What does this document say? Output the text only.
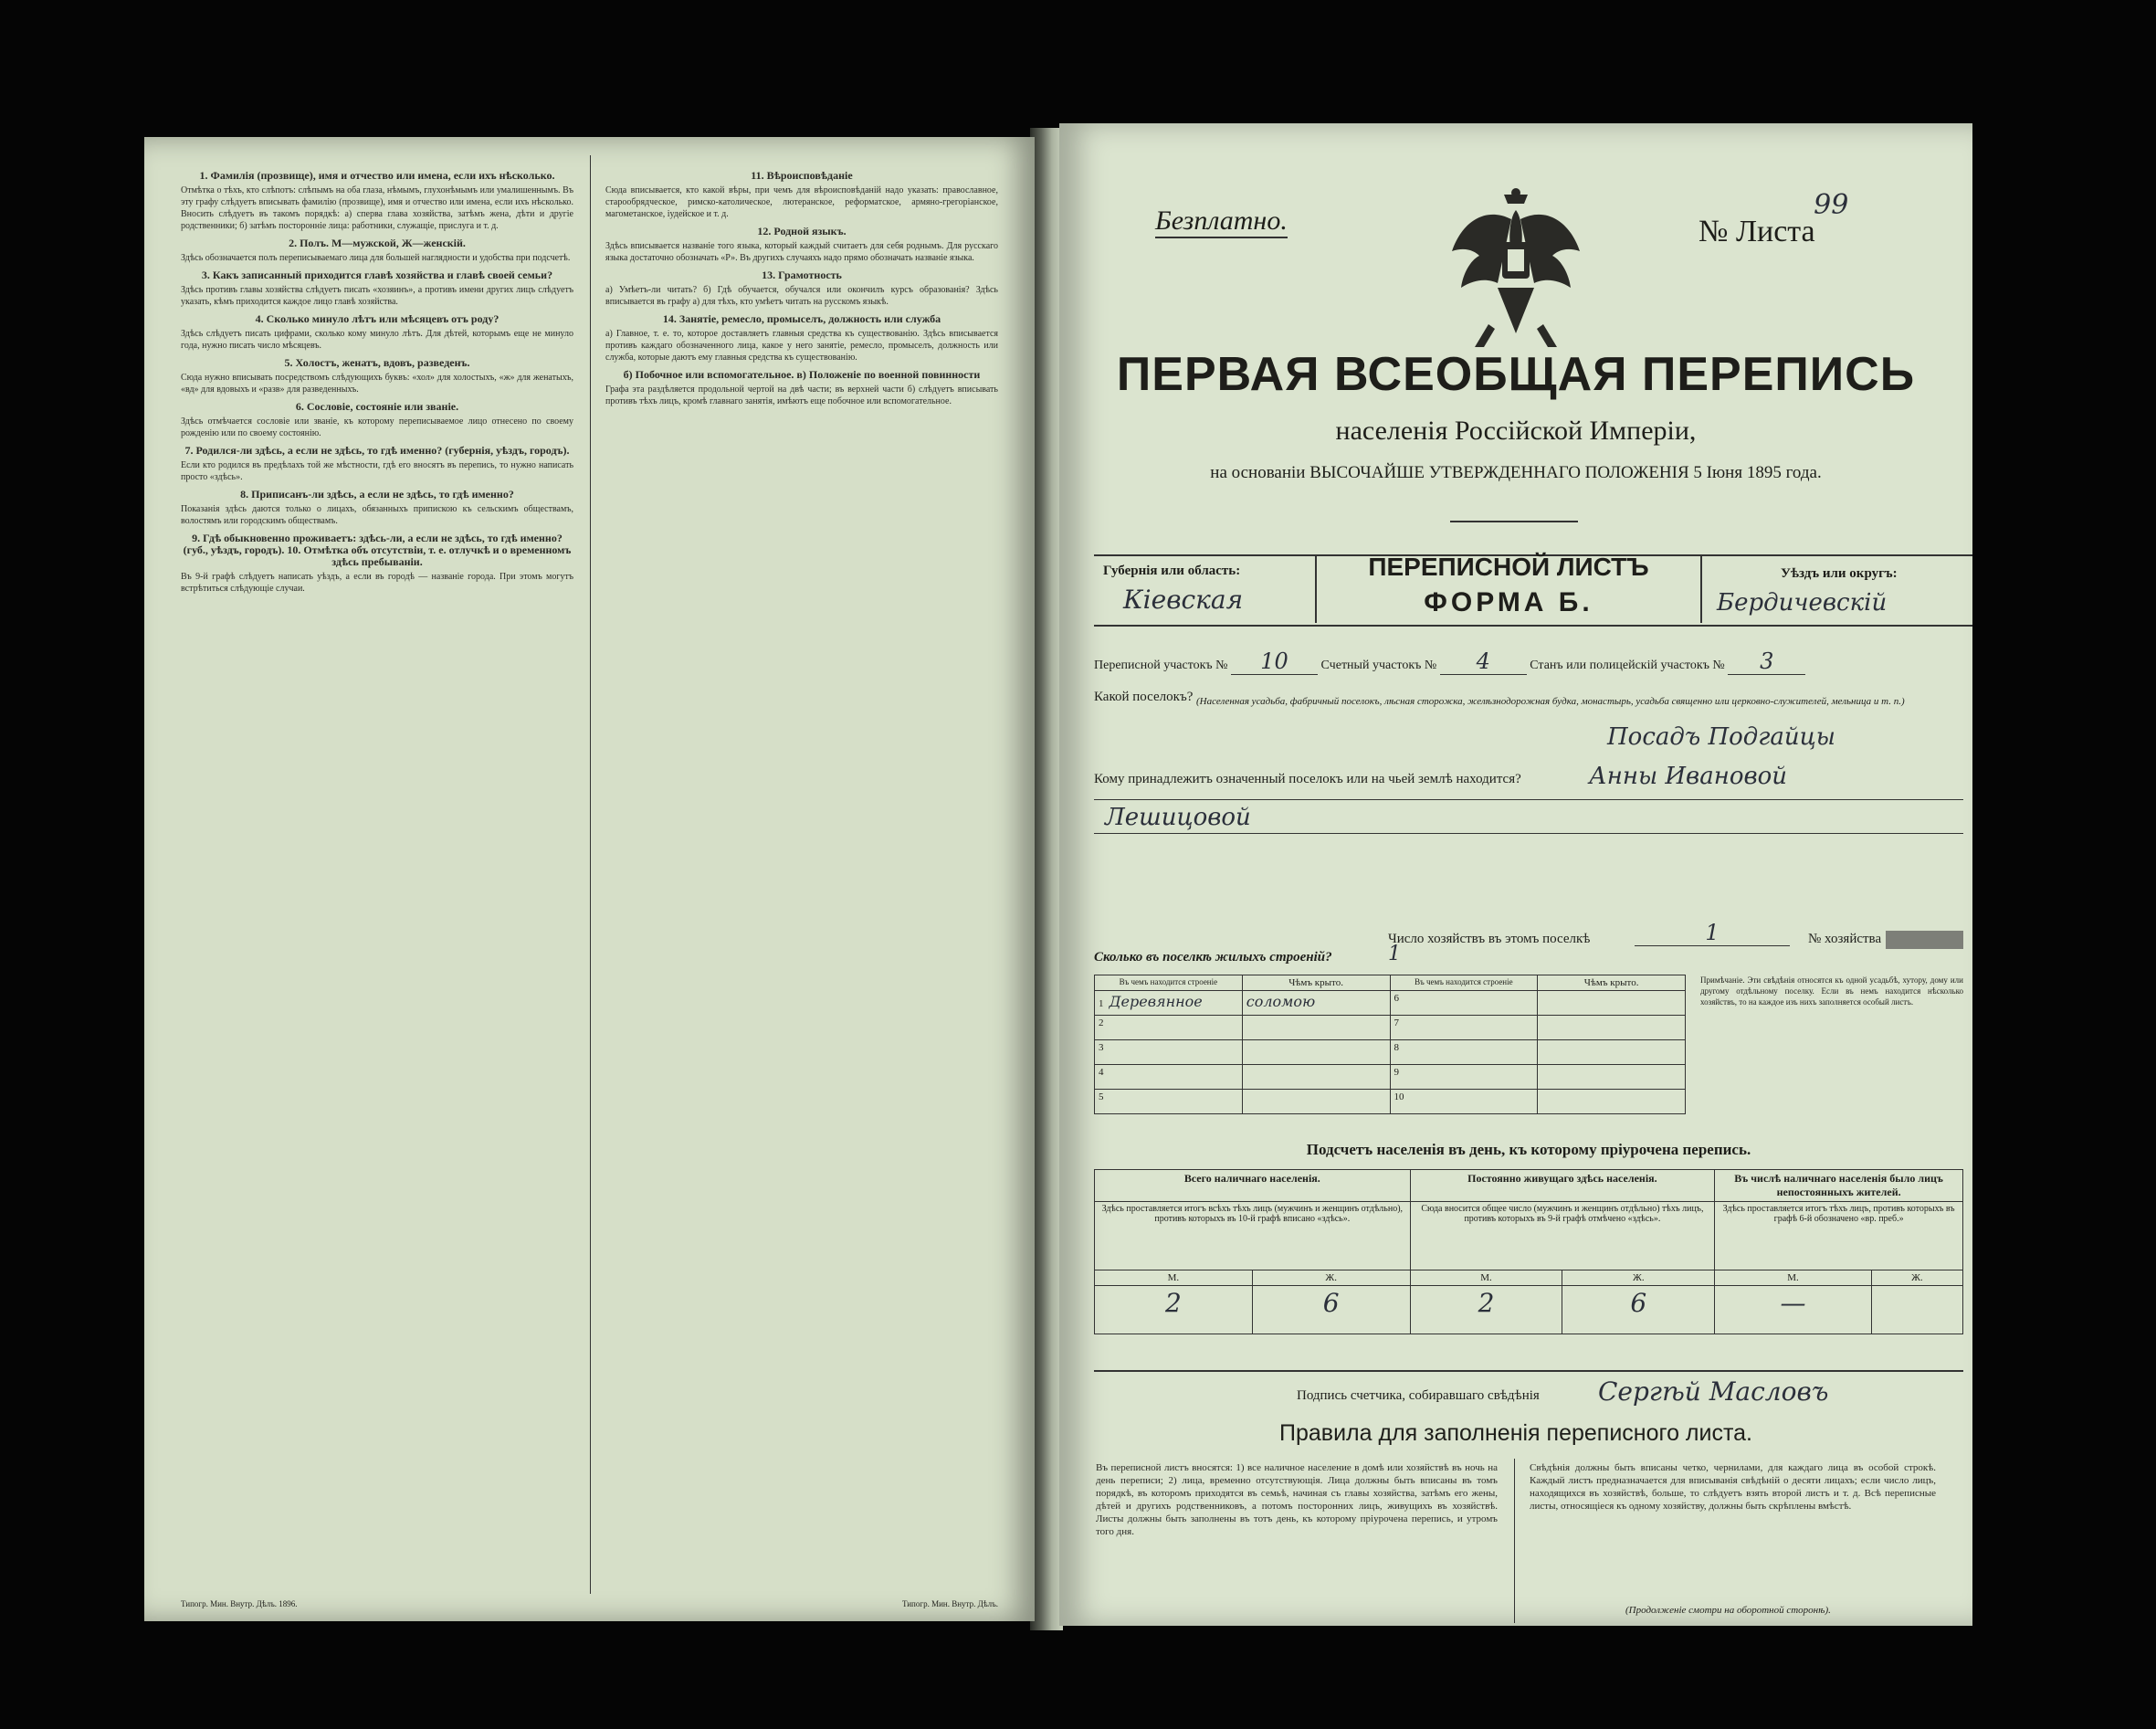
1. Фамилія (прозвище), имя и отчество или имена, если ихъ нѣсколько.
Отмѣтка о тѣхъ, кто слѣпотъ: слѣпымъ на оба глаза, нѣмымъ, глухонѣмымъ или умалишеннымъ. Въ эту графу слѣдуетъ вписывать фамилію (прозвище), имя и отчество или имена, если ихъ нѣсколько. Вносить слѣдуетъ въ такомъ порядкѣ: а) сперва глава хозяйства, затѣмъ жена, дѣти и другіе родственники; б) затѣмъ посторонніе лица: работники, служащіе, прислуга и т. д.
2. Полъ. М—мужской, Ж—женскій.
Здѣсь обозначается полъ переписываемаго лица для большей наглядности и удобства при подсчетѣ.
3. Какъ записанный приходится главѣ хозяйства и главѣ своей семьи?
Здѣсь противъ главы хозяйства слѣдуетъ писать «хозяинъ», а противъ имени других лицъ слѣдуетъ указать, кѣмъ приходится каждое лицо главѣ хозяйства.
4. Сколько минуло лѣтъ или мѣсяцевъ отъ роду?
Здѣсь слѣдуетъ писать цифрами, сколько кому минуло лѣтъ. Для дѣтей, которымъ еще не минуло года, нужно писать число мѣсяцевъ.
5. Холостъ, женатъ, вдовъ, разведенъ.
Сюда нужно вписывать посредствомъ слѣдующихъ буквъ: «хол» для холостыхъ, «ж» для женатыхъ, «вд» для вдовыхъ и «разв» для разведенныхъ.
6. Сословіе, состояніе или званіе.
Здѣсь отмѣчается сословіе или званіе, къ которому переписываемое лицо отнесено по своему рожденію или по своему состоянію.
7. Родился-ли здѣсь, а если не здѣсь, то гдѣ именно? (губернія, уѣздъ, городъ).
Если кто родился въ предѣлахъ той же мѣстности, гдѣ его вносятъ въ перепись, то нужно написать просто «здѣсь».
8. Приписанъ-ли здѣсь, а если не здѣсь, то гдѣ именно?
Показанія здѣсь даются только о лицахъ, обязанныхъ припискою къ сельскимъ обществамъ, волостямъ или городскимъ обществамъ.
9. Гдѣ обыкновенно проживаетъ: здѣсь-ли, а если не здѣсь, то гдѣ именно? (губ., уѣздъ, городъ). 10. Отмѣтка объ отсутствіи, т. е. отлучкѣ и о временномъ здѣсь пребываніи.
Въ 9-й графѣ слѣдуетъ написать уѣздъ, а если въ городѣ — названіе города. При этомъ могутъ встрѣтиться слѣдующіе случаи.
11. Вѣроисповѣданіе
Сюда вписывается, кто какой вѣры, при чемъ для вѣроисповѣданій надо указать: православное, старообрядческое, римско-католическое, лютеранское, реформатское, армяно-грегоріанское, магометанское, іудейское и т. д.
12. Родной языкъ.
Здѣсь вписывается названіе того языка, который каждый считаетъ для себя роднымъ. Для русскаго языка достаточно обозначать «Р». Въ другихъ случаяхъ надо прямо обозначать названіе языка.
13. Грамотность
а) Умѣетъ-ли читать? б) Гдѣ обучается, обучался или окончилъ курсъ образованія? Здѣсь вписывается въ графу а) для тѣхъ, кто умѣетъ читать на русскомъ языкѣ.
14. Занятіе, ремесло, промыселъ, должность или служба
а) Главное, т. е. то, которое доставляетъ главныя средства къ существованію. Здѣсь вписывается противъ каждаго обозначенного лица, какое у него занятіе, ремесло, промыселъ, должность или служба, которые даютъ ему главныя средства къ существованію.
б) Побочное или вспомогательное. в) Положеніе по военной повинности
Графа эта раздѣляется продольной чертой на двѣ части; въ верхней части б) слѣдуетъ вписывать противъ тѣхъ лицъ, кромѣ главнаго занятія, имѣютъ еще побочное или вспомогательное.
Типогр. Мин. Внутр. Дѣлъ. 1896.	Типогр. Мин. Внутр. Дѣлъ.
Безплатно.	№ Листа 99
ПЕРВАЯ ВСЕОБЩАЯ ПЕРЕПИСЬ
населенія Россійской Имперіи,
на основаніи ВЫСОЧАЙШЕ УТВЕРЖДЕННАГО ПОЛОЖЕНІЯ 5 Іюня 1895 года.
Губернія или область:
Кіевская
ПЕРЕПИСНОЙ ЛИСТЪ
ФОРМА Б.
Уѣздъ или округъ:
Бердичевскій
Переписной участокъ № 10	Счетный участокъ № 4	Станъ или полицейскій участокъ № 3
Какой поселокъ? (Населенная усадьба, фабричный поселокъ, лѣсная сторожка, желѣзнодорожная будка, монастырь, усадьба священно или церковно-служителей, мельница и т. п.)
Посадъ Подгайцы
Кому принадлежитъ означенный поселокъ или на чьей землѣ находится?	Анны Ивановой
Лешицовой
Число хозяйствъ въ этомъ поселкѣ	1	№ хозяйства
Сколько въ поселкѣ жилыхъ строеній?	1
Въ чемъ находится строеніе	Чѣмъ крыто.	Въ чемъ находится строеніе	Чѣмъ крыто.
1 Деревянное	соломою	6	
2		7	
3		8	
4		9	
5		10	
Примѣчаніе. Эти свѣдѣнія относятся къ одной усадьбѣ, хутору, дому или другому отдѣльному поселку. Если въ немъ находится нѣсколько хозяйствъ, то на каждое изъ нихъ заполняется особый листъ.
Подсчетъ населенія въ день, къ которому пріурочена перепись.
Всего наличнаго населенія.		Постоянно живущаго здѣсь населенія.		Въ числѣ наличнаго населенія было лицъ непостоянныхъ жителей.	
Здѣсь проставляется итогъ всѣхъ тѣхъ лицъ (мужчинъ и женщинъ отдѣльно), противъ которыхъ въ 10-й графѣ вписано «здѣсь».		Сюда вносится общее число (мужчинъ и женщинъ отдѣльно) тѣхъ лицъ, противъ которыхъ въ 9-й графѣ отмѣчено «здѣсь».		Здѣсь проставляется итогъ тѣхъ лицъ, противъ которыхъ въ графѣ 6-й обозначено «вр. преб.»	
М.	Ж.	М.	Ж.	М.	Ж.
2	6	2	6	—	
Подпись счетчика, собиравшаго свѣдѣнія Сергѣй Масловъ
Правила для заполненія переписного листа.
Въ переписной листъ вносятся: 1) все наличное население в домѣ или хозяйствѣ въ ночь на день переписи; 2) лица, временно отсутствующія. Лица должны быть вписаны въ томъ порядкѣ, въ которомъ приходятся въ семьѣ, начиная съ главы хозяйства, затѣмъ его жены, дѣтей и другихъ родственниковъ, а потомъ посторонних лицъ, живущихъ въ хозяйствѣ. Листы должны быть заполнены въ тотъ день, къ которому пріурочена перепись, и утромъ того дня.
Свѣдѣнія должны быть вписаны четко, чернилами, для каждаго лица въ особой строкѣ. Каждый листъ предназначается для вписыванія свѣдѣній о десяти лицахъ; если число лицъ, находящихся въ хозяйствѣ, больше, то слѣдуетъ взять второй листъ и т. д. Всѣ переписные листы, относящіеся къ одному хозяйству, должны быть скрѣплены вмѣстѣ.
(Продолженіе смотри на оборотной сторонѣ).
